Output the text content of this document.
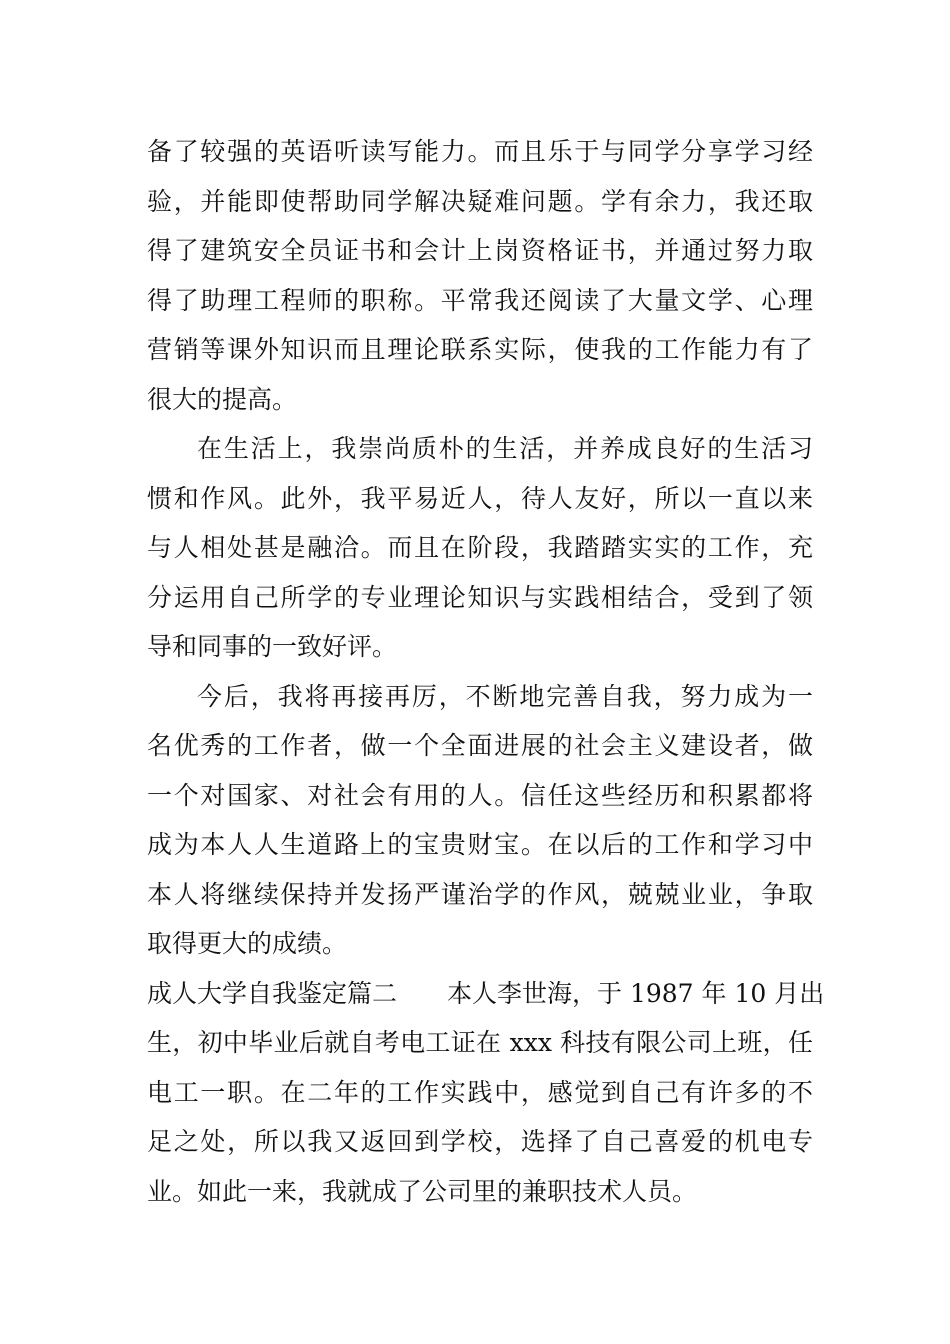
备了较强的英语听读写能力。而且乐于与同学分享学习经
验，并能即使帮助同学解决疑难问题。学有余力，我还取
得了建筑安全员证书和会计上岗资格证书，并通过努力取
得了助理工程师的职称。平常我还阅读了大量文学、心理
营销等课外知识而且理论联系实际，使我的工作能力有了
很大的提高。
在生活上，我崇尚质朴的生活，并养成良好的生活习
惯和作风。此外，我平易近人，待人友好，所以一直以来
与人相处甚是融洽。而且在阶段，我踏踏实实的工作，充
分运用自己所学的专业理论知识与实践相结合，受到了领
导和同事的一致好评。
今后，我将再接再厉，不断地完善自我，努力成为一
名优秀的工作者，做一个全面进展的社会主义建设者，做
一个对国家、对社会有用的人。信任这些经历和积累都将
成为本人人生道路上的宝贵财宝。在以后的工作和学习中
本人将继续保持并发扬严谨治学的作风，兢兢业业，争取
取得更大的成绩。
成人大学自我鉴定篇二　　本人李世海，于 1987 年 10 月出
生，初中毕业后就自考电工证在 xxx 科技有限公司上班，任
电工一职。在二年的工作实践中，感觉到自己有许多的不
足之处，所以我又返回到学校，选择了自己喜爱的机电专
业。如此一来，我就成了公司里的兼职技术人员。
